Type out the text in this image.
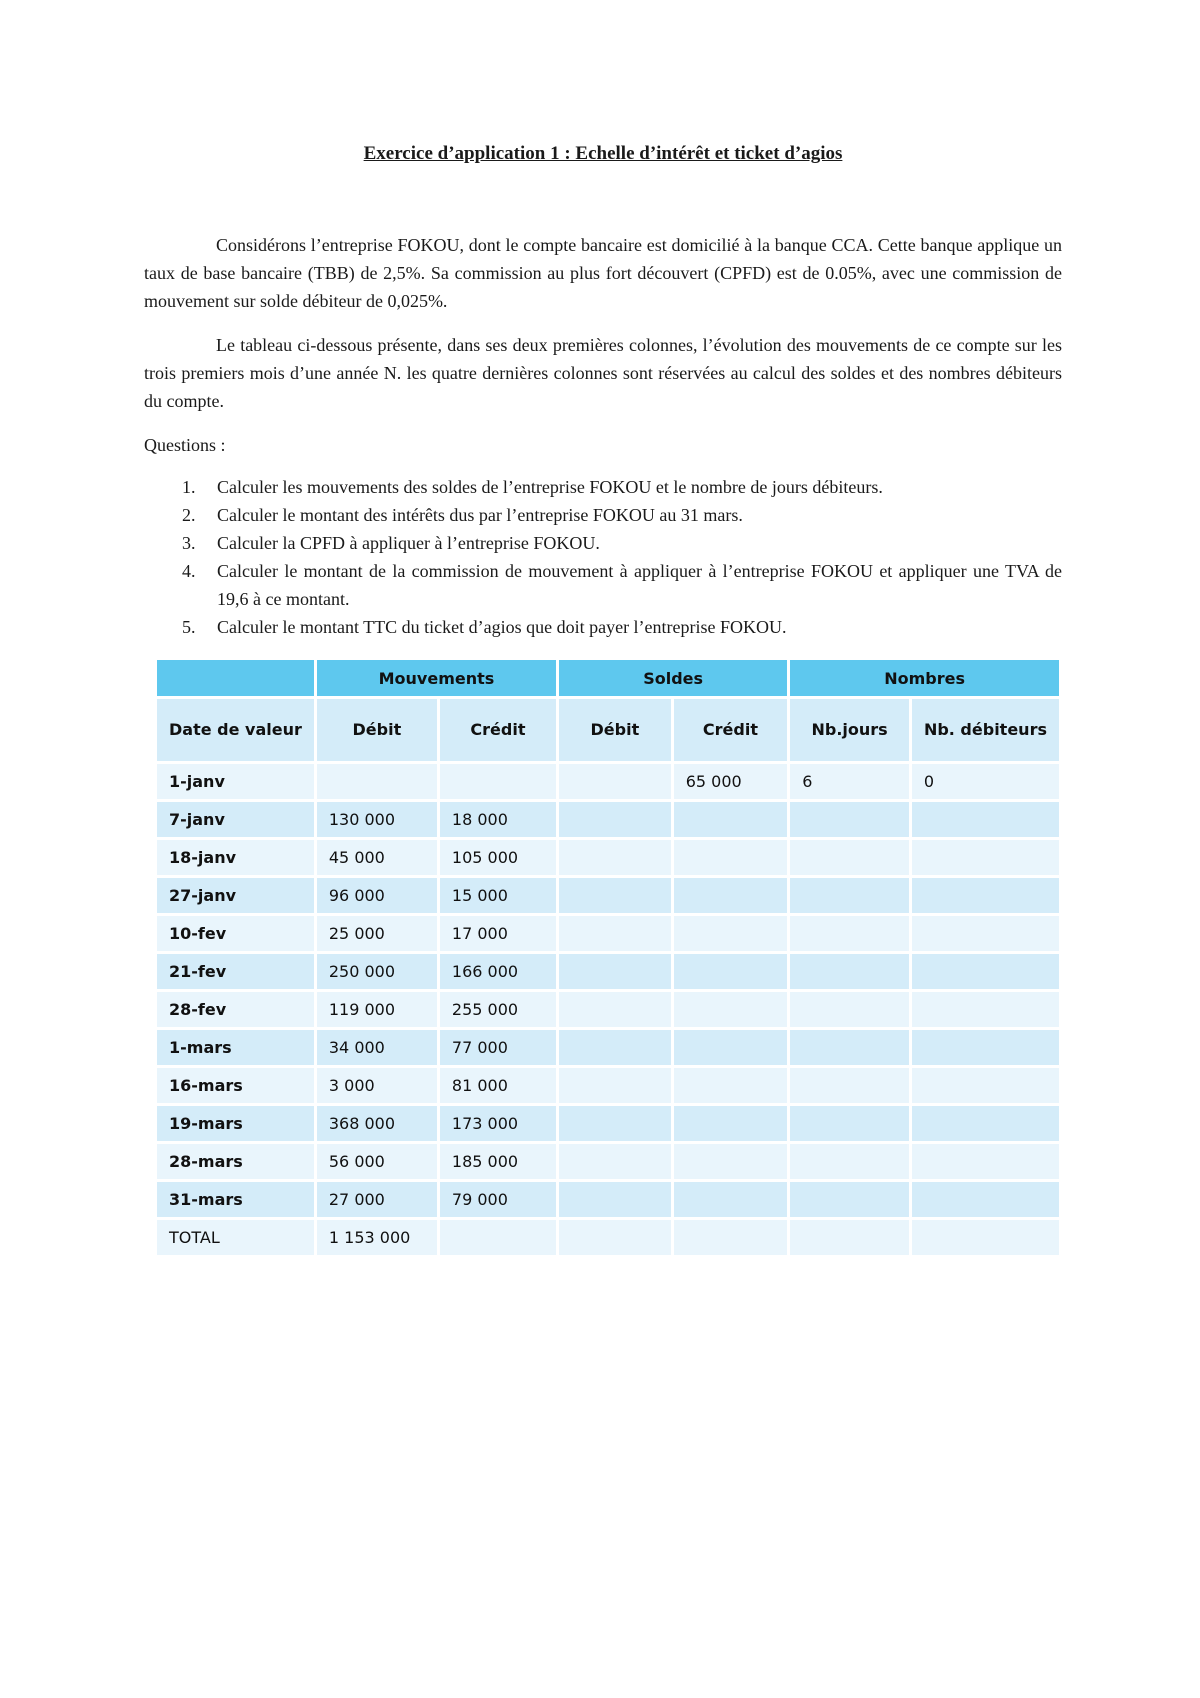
Exercice d’application 1 : Echelle d’intérêt et ticket d’agios

Considérons l’entreprise FOKOU, dont le compte bancaire est domicilié à la banque CCA. Cette banque applique un taux de base bancaire (TBB) de 2,5%. Sa commission au plus fort découvert (CPFD) est de 0.05%, avec une commission de mouvement sur solde débiteur de 0,025%.

Le tableau ci-dessous présente, dans ses deux premières colonnes, l’évolution des mouvements de ce compte sur les trois premiers mois d’une année N. les quatre dernières colonnes sont réservées au calcul des soldes et des nombres débiteurs du compte.

Questions :
1. Calculer les mouvements des soldes de l’entreprise FOKOU et le nombre de jours débiteurs.
2. Calculer le montant des intérêts dus par l’entreprise FOKOU au 31 mars.
3. Calculer la CPFD à appliquer à l’entreprise FOKOU.
4. Calculer le montant de la commission de mouvement à appliquer à l’entreprise FOKOU et appliquer une TVA de 19,6 à ce montant.
5. Calculer le montant TTC du ticket d’agios que doit payer l’entreprise FOKOU.
	Mouvements		Soldes		Nombres	
Date de valeur	Débit	Crédit	Débit	Crédit	Nb.jours	Nb. débiteurs
1-janv				65 000	6	0
7-janv	130 000	18 000				
18-janv	45 000	105 000				
27-janv	96 000	15 000				
10-fev	25 000	17 000				
21-fev	250 000	166 000				
28-fev	119 000	255 000				
1-mars	34 000	77 000				
16-mars	3 000	81 000				
19-mars	368 000	173 000				
28-mars	56 000	185 000				
31-mars	27 000	79 000				
TOTAL	1 153 000					
